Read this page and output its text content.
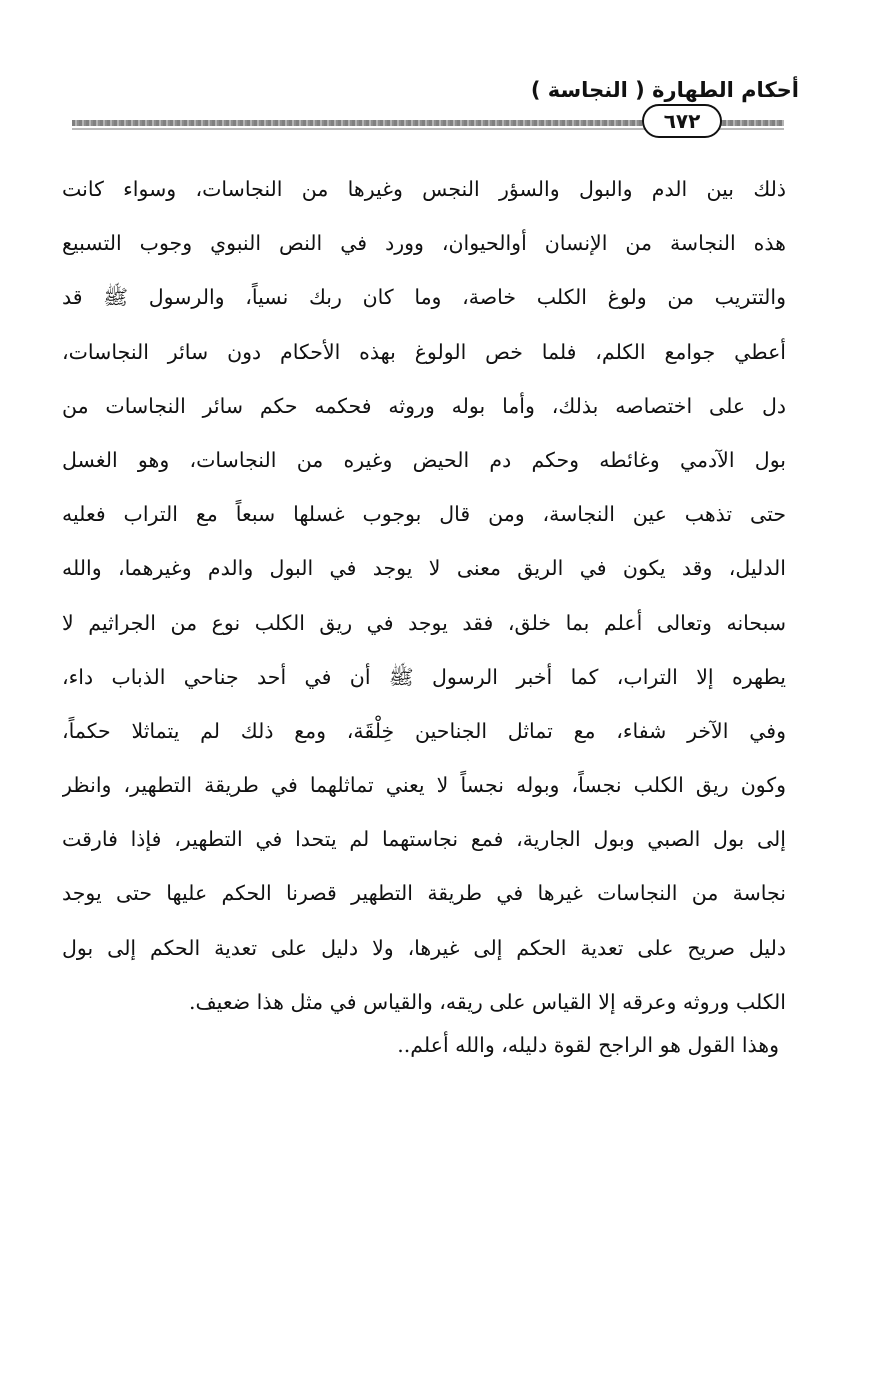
أحكام الطهارة ( النجاسة )
٦٧٢
ذلك بين الدم والبول والسؤر النجس وغيرها من النجاسات، وسواء كانت
هذه النجاسة من الإنسان أوالحيوان، وورد في النص النبوي وجوب التسبيع
والتتريب من ولوغ الكلب خاصة، وما كان ربك نسياً، والرسول ﷺ قد
أعطي جوامع الكلم، فلما خص الولوغ بهذه الأحكام دون سائر النجاسات،
دل على اختصاصه بذلك، وأما بوله وروثه فحكمه حكم سائر النجاسات من
بول الآدمي وغائطه وحكم دم الحيض وغيره من النجاسات، وهو الغسل
حتى تذهب عين النجاسة، ومن قال بوجوب غسلها سبعاً مع التراب فعليه
الدليل، وقد يكون في الريق معنى لا يوجد في البول والدم وغيرهما، والله
سبحانه وتعالى أعلم بما خلق، فقد يوجد في ريق الكلب نوع من الجراثيم لا
يطهره إلا التراب، كما أخبر الرسول ﷺ أن في أحد جناحي الذباب داء،
وفي الآخر شفاء، مع تماثل الجناحين خِلْقَة، ومع ذلك لم يتماثلا حكماً،
وكون ريق الكلب نجساً، وبوله نجساً لا يعني تماثلهما في طريقة التطهير، وانظر
إلى بول الصبي وبول الجارية، فمع نجاستهما لم يتحدا في التطهير، فإذا فارقت
نجاسة من النجاسات غيرها في طريقة التطهير قصرنا الحكم عليها حتى يوجد
دليل صريح على تعدية الحكم إلى غيرها، ولا دليل على تعدية الحكم إلى بول
الكلب وروثه وعرقه إلا القياس على ريقه، والقياس في مثل هذا ضعيف.
وهذا القول هو الراجح لقوة دليله، والله أعلم..
